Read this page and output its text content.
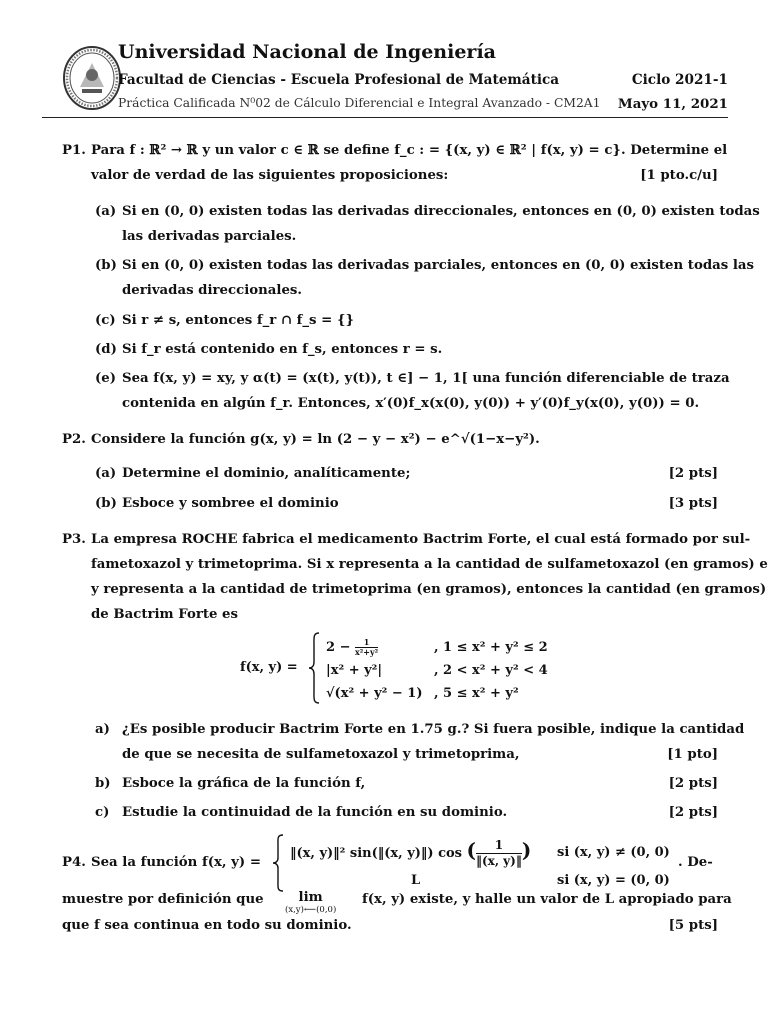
Universidad Nacional de Ingeniería
Facultad de Ciencias - Escuela Profesional de Matemática	Ciclo 2021-1
Práctica Calificada N⁰02 de Cálculo Diferencial e Integral Avanzado - CM2A1 Mayo 11, 2021
P1. Para f : ℝ² → ℝ y un valor c ∈ ℝ se define f_c : = {(x, y) ∈ ℝ² | f(x, y) = c}. Determine el
valor de verdad de las siguientes proposiciones:	[1 pto.c/u]
(a) Si en (0, 0) existen todas las derivadas direccionales, entonces en (0, 0) existen todas
las derivadas parciales.
(b) Si en (0, 0) existen todas las derivadas parciales, entonces en (0, 0) existen todas las
derivadas direccionales.
(c) Si r ≠ s, entonces f_r ∩ f_s = {}
(d) Si f_r está contenido en f_s, entonces r = s.
(e) Sea f(x, y) = xy, y α(t) = (x(t), y(t)), t ∈] − 1, 1[ una función diferenciable de traza
contenida en algún f_r. Entonces, x′(0)f_x(x(0), y(0)) + y′(0)f_y(x(0), y(0)) = 0.
P2. Considere la función g(x, y) = ln (2 − y − x²) − e^√(1−x−y²).
(a) Determine el dominio, analíticamente;	[2 pts]
(b) Esboce y sombree el dominio	[3 pts]
P3. La empresa ROCHE fabrica el medicamento Bactrim Forte, el cual está formado por sul-
fametoxazol y trimetoprima. Si x representa a la cantidad de sulfametoxazol (en gramos) e
y representa a la cantidad de trimetoprima (en gramos), entonces la cantidad (en gramos)
de Bactrim Forte es
f(x, y) =
$2 - \frac{1}{\text{x²+y²}}$	, 1 ≤ x² + y² ≤ 2
|x² + y²|	, 2 < x² + y² < 4
√(x² + y² − 1) , 5 ≤ x² + y²
a) ¿Es posible producir Bactrim Forte en 1.75 g.? Si fuera posible, indique la cantidad
de que se necesita de sulfametoxazol y trimetoprima,	[1 pto]
b) Esboce la gráfica de la función f,	[2 pts]
c) Estudie la continuidad de la función en su dominio.	[2 pts]
P4. Sea la función f(x, y) =
‖(x, y)‖² sin(‖(x, y)‖) cos ( $\frac{1}{‖(x, y)‖}$) si (x, y) ≠ (0, 0)
L	si (x, y) = (0, 0)
. De-
muestre por definición que	lim
(x,y)⟵(0,0)
f(x, y) existe, y halle un valor de L apropiado para
que f sea continua en todo su dominio.	[5 pts]
